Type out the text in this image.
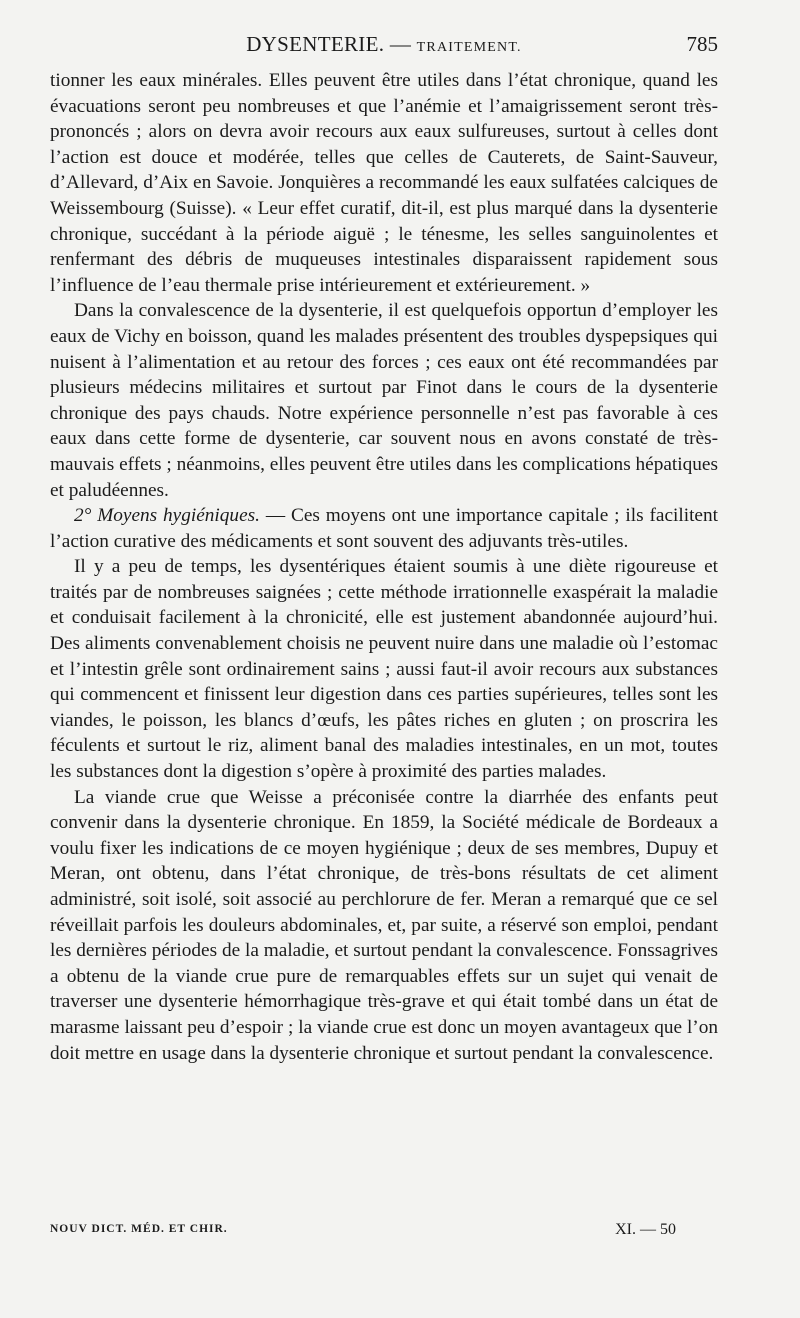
DYSENTERIE. — TRAITEMENT.	785

tionner les eaux minérales. Elles peuvent être utiles dans l’état chronique, quand les évacuations seront peu nombreuses et que l’anémie et l’amaigrissement seront très-prononcés ; alors on devra avoir recours aux eaux sulfureuses, surtout à celles dont l’action est douce et modérée, telles que celles de Cauterets, de Saint-Sauveur, d’Allevard, d’Aix en Savoie. Jonquières a recommandé les eaux sulfatées calciques de Weissembourg (Suisse). « Leur effet curatif, dit-il, est plus marqué dans la dysenterie chronique, succédant à la période aiguë ; le ténesme, les selles sanguinolentes et renfermant des débris de muqueuses intestinales disparaissent rapidement sous l’influence de l’eau thermale prise intérieurement et extérieurement. »

Dans la convalescence de la dysenterie, il est quelquefois opportun d’employer les eaux de Vichy en boisson, quand les malades présentent des troubles dyspepsiques qui nuisent à l’alimentation et au retour des forces ; ces eaux ont été recommandées par plusieurs médecins militaires et surtout par Finot dans le cours de la dysenterie chronique des pays chauds. Notre expérience personnelle n’est pas favorable à ces eaux dans cette forme de dysenterie, car souvent nous en avons constaté de très-mauvais effets ; néanmoins, elles peuvent être utiles dans les complications hépatiques et paludéennes.

2° Moyens hygiéniques. — Ces moyens ont une importance capitale ; ils facilitent l’action curative des médicaments et sont souvent des adjuvants très-utiles.

Il y a peu de temps, les dysentériques étaient soumis à une diète rigoureuse et traités par de nombreuses saignées ; cette méthode irrationnelle exaspérait la maladie et conduisait facilement à la chronicité, elle est justement abandonnée aujourd’hui. Des aliments convenablement choisis ne peuvent nuire dans une maladie où l’estomac et l’intestin grêle sont ordinairement sains ; aussi faut-il avoir recours aux substances qui commencent et finissent leur digestion dans ces parties supérieures, telles sont les viandes, le poisson, les blancs d’œufs, les pâtes riches en gluten ; on proscrira les féculents et surtout le riz, aliment banal des maladies intestinales, en un mot, toutes les substances dont la digestion s’opère à proximité des parties malades.

La viande crue que Weisse a préconisée contre la diarrhée des enfants peut convenir dans la dysenterie chronique. En 1859, la Société médicale de Bordeaux a voulu fixer les indications de ce moyen hygiénique ; deux de ses membres, Dupuy et Meran, ont obtenu, dans l’état chronique, de très-bons résultats de cet aliment administré, soit isolé, soit associé au perchlorure de fer. Meran a remarqué que ce sel réveillait parfois les douleurs abdominales, et, par suite, a réservé son emploi, pendant les dernières périodes de la maladie, et surtout pendant la convalescence. Fonssagrives a obtenu de la viande crue pure de remarquables effets sur un sujet qui venait de traverser une dysenterie hémorrhagique très-grave et qui était tombé dans un état de marasme laissant peu d’espoir ; la viande crue est donc un moyen avantageux que l’on doit mettre en usage dans la dysenterie chronique et surtout pendant la convalescence.

NOUV DICT. MÉD. ET CHIR.	XI. — 50
